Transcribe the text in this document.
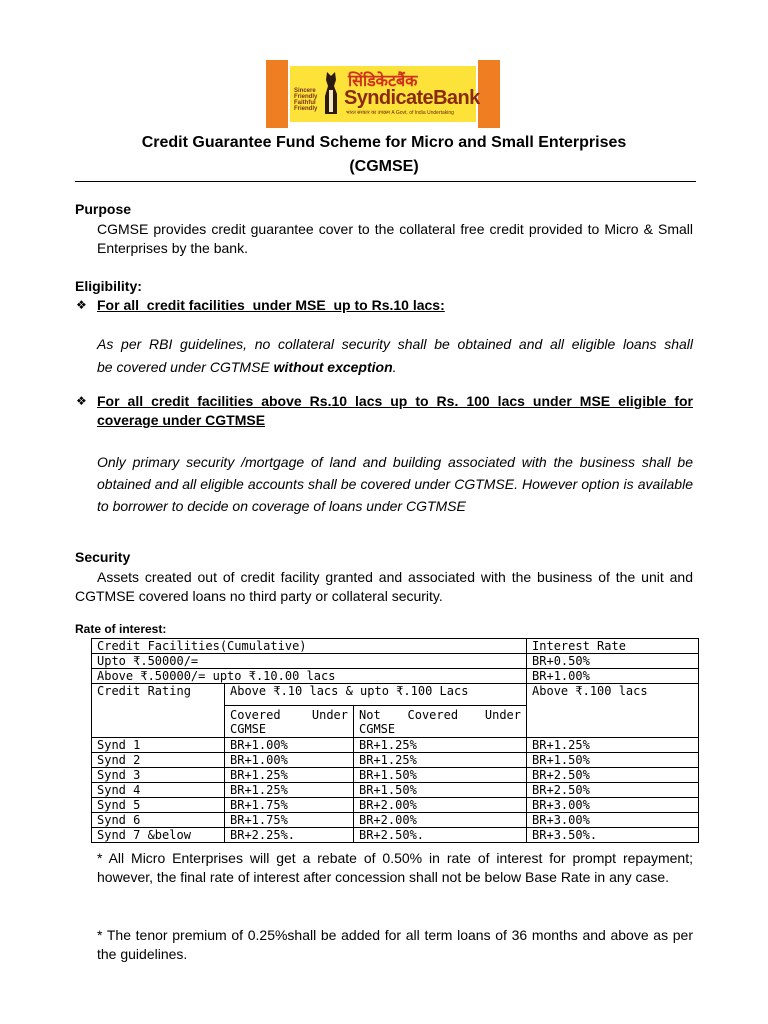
Sincere
Friendly
Faithful
Friendly
सिंडिकेटबैंक
SyndicateBank
भारत सरकार का उपक्रम A Govt. of India Undertaking
Credit Guarantee Fund Scheme for Micro and Small Enterprises
(CGMSE)
Purpose
CGMSE provides credit guarantee cover to the collateral free credit provided to Micro & Small Enterprises by the bank.
Eligibility:
❖ For all  credit facilities  under MSE  up to Rs.10 lacs:
As per RBI guidelines, no collateral security shall be obtained and all eligible loans shall
be covered under CGTMSE without exception.
❖ For all credit facilities above Rs.10 lacs up to Rs. 100 lacs under MSE eligible for coverage under CGTMSE
Only primary security /mortgage of land and building associated with the business shall be obtained and all eligible accounts shall be covered under CGTMSE. However option is available to borrower to decide on coverage of loans under CGTMSE
Security
Assets created out of credit facility granted and associated with the business of the unit and CGTMSE covered loans no third party or collateral security.
Rate of interest:
Credit Facilities(Cumulative)			Interest Rate
Upto ₹.50000/=			BR+0.50%
Above ₹.50000/= upto ₹.10.00 lacs			BR+1.00%
Credit Rating	Above ₹.10 lacs & upto ₹.100 Lacs		Above ₹.100 lacs
	Covered Under CGMSE	Not Covered Under CGMSE	
Synd 1	BR+1.00%	BR+1.25%	BR+1.25%
Synd 2	BR+1.00%	BR+1.25%	BR+1.50%
Synd 3	BR+1.25%	BR+1.50%	BR+2.50%
Synd 4	BR+1.25%	BR+1.50%	BR+2.50%
Synd 5	BR+1.75%	BR+2.00%	BR+3.00%
Synd 6	BR+1.75%	BR+2.00%	BR+3.00%
Synd 7 &below	BR+2.25%.	BR+2.50%.	BR+3.50%.
* All Micro Enterprises will get a rebate of 0.50% in rate of interest for prompt repayment; however, the final rate of interest after concession shall not be below Base Rate in any case.
* The tenor premium of 0.25%shall be added for all term loans of 36 months and above as per the guidelines.
